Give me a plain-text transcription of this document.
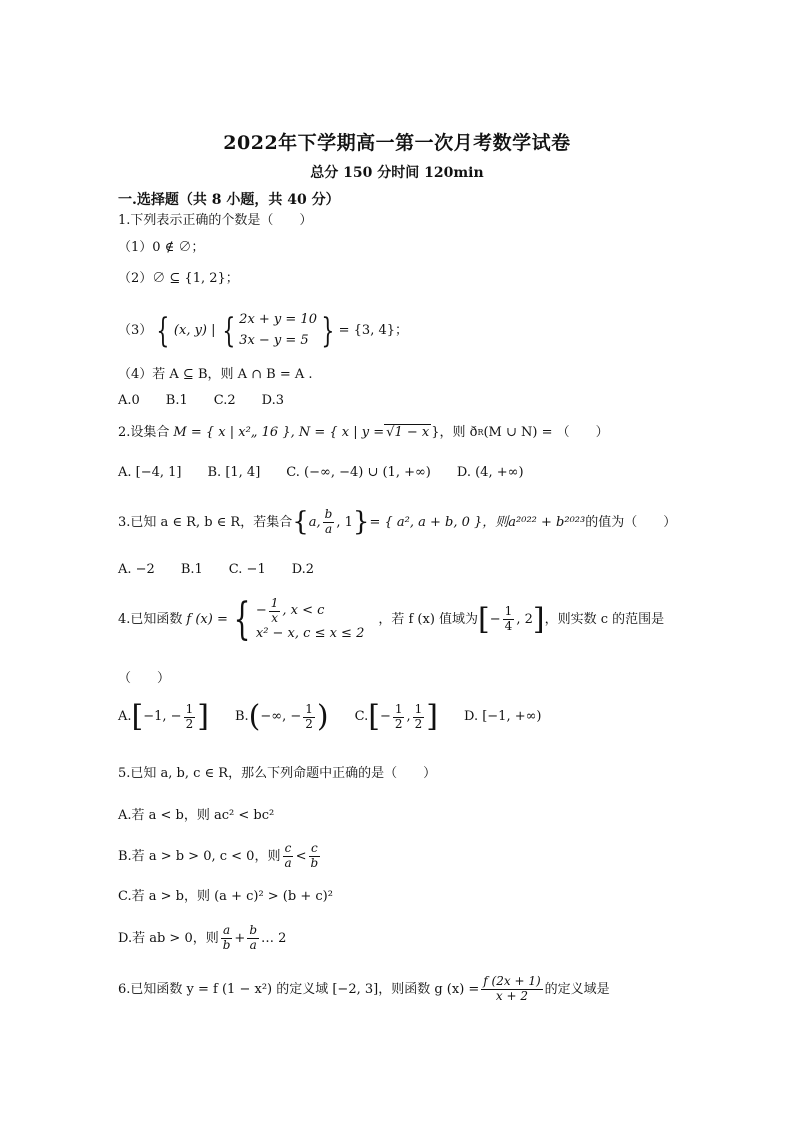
2022年下学期高一第一次月考数学试卷
总分 150 分时间 120min
一.选择题（共 8 小题，共 40 分）
1.下列表示正确的个数是（　　）
（1）0 ∉ ∅；
（2）∅ ⊆ {1, 2}；
（3） { (x, y) | { 2x + y = 10
3x − y = 5 } = {3, 4}；
（4）若 A ⊆ B，则 A ∩ B = A .
A.0 B.1 C.2 D.3
2.设集合 M = { x | x²„ 16 }, N = { x | y = √1 − x }，则 ð R (M ∪ N) = （　　）
A. [−4, 1] B. [1, 4] C. (−∞, −4) ∪ (1, +∞) D. (4, +∞)
3.已知 a ∈ R, b ∈ R，若集合 { a, $\frac{b}{a}$ , 1 } = { a², a + b, 0 }，则 a²⁰²² + b²⁰²³ 的值为（　　）
A. −2 B.1 C. −1 D.2
4.已知函数 f (x) = { − $\frac{1}{x}$ , x < c
x² − x, c ≤ x ≤ 2
，若 f (x) 值域为 [ − $\frac{1}{4}$ , 2 ] ，则实数 c 的范围是
（　　）
A. [ −1, − $\frac{1}{2}$ ] B. ( −∞, − $\frac{1}{2}$ ) C. [ − $\frac{1}{2}$ , $\frac{1}{2}$ ] D. [−1, +∞)
5.已知 a, b, c ∈ R，那么下列命题中正确的是（　　）
A.若 a < b，则 ac² < bc²
B.若 a > b > 0, c < 0，则 $\frac{c}{a} < \frac{c}{b}$
C.若 a > b，则 (a + c)² > (b + c)²
D.若 ab > 0，则 $\frac{a}{b} + \frac{b}{a}$ … 2
6.已知函数 y = f (1 − x²) 的定义域 [−2, 3]，则函数 g $(x) = \frac{f (2x + 1)}{x + 2}$ 的定义域是
